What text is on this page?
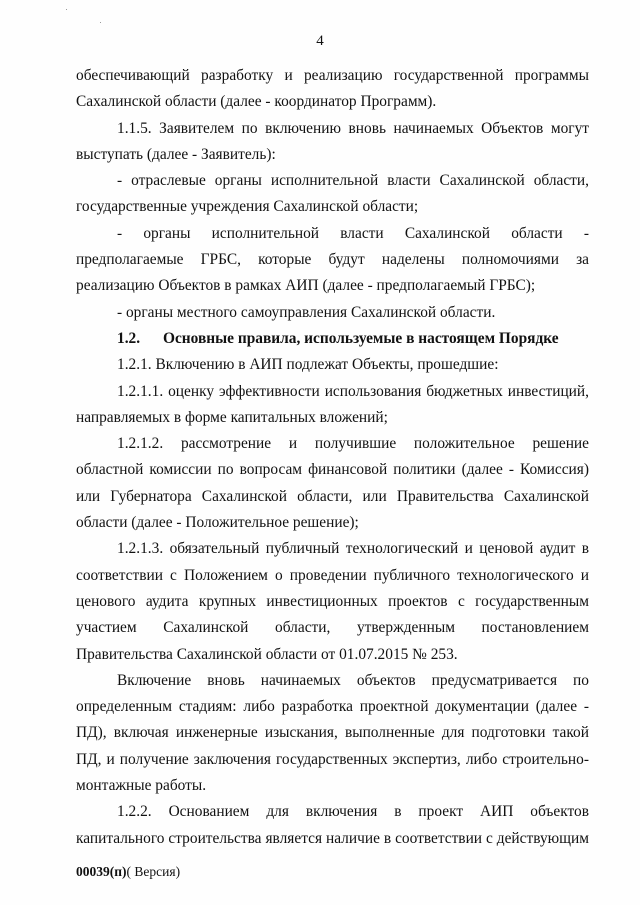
4

обеспечивающий разработку и реализацию государственной программы Сахалинской области (далее - координатор Программ).

1.1.5. Заявителем по включению вновь начинаемых Объектов могут выступать (далее - Заявитель):

- отраслевые органы исполнительной власти Сахалинской области, государственные учреждения Сахалинской области;

- органы исполнительной власти Сахалинской области - предполагаемые ГРБС, которые будут наделены полномочиями за реализацию Объектов в рамках АИП (далее - предполагаемый ГРБС);

- органы местного самоуправления Сахалинской области.

1.2. Основные правила, используемые в настоящем Порядке

1.2.1. Включению в АИП подлежат Объекты, прошедшие:

1.2.1.1. оценку эффективности использования бюджетных инвестиций, направляемых в форме капитальных вложений;

1.2.1.2. рассмотрение и получившие положительное решение областной комиссии по вопросам финансовой политики (далее - Комиссия) или Губернатора Сахалинской области, или Правительства Сахалинской области (далее - Положительное решение);

1.2.1.3. обязательный публичный технологический и ценовой аудит в соответствии с Положением о проведении публичного технологического и ценового аудита крупных инвестиционных проектов с государственным участием Сахалинской области, утвержденным постановлением Правительства Сахалинской области от 01.07.2015 № 253.

Включение вновь начинаемых объектов предусматривается по определенным стадиям: либо разработка проектной документации (далее - ПД), включая инженерные изыскания, выполненные для подготовки такой ПД, и получение заключения государственных экспертиз, либо строительно-монтажные работы.

1.2.2. Основанием для включения в проект АИП объектов капитального строительства является наличие в соответствии с действующим

00039(п)( Версия)
